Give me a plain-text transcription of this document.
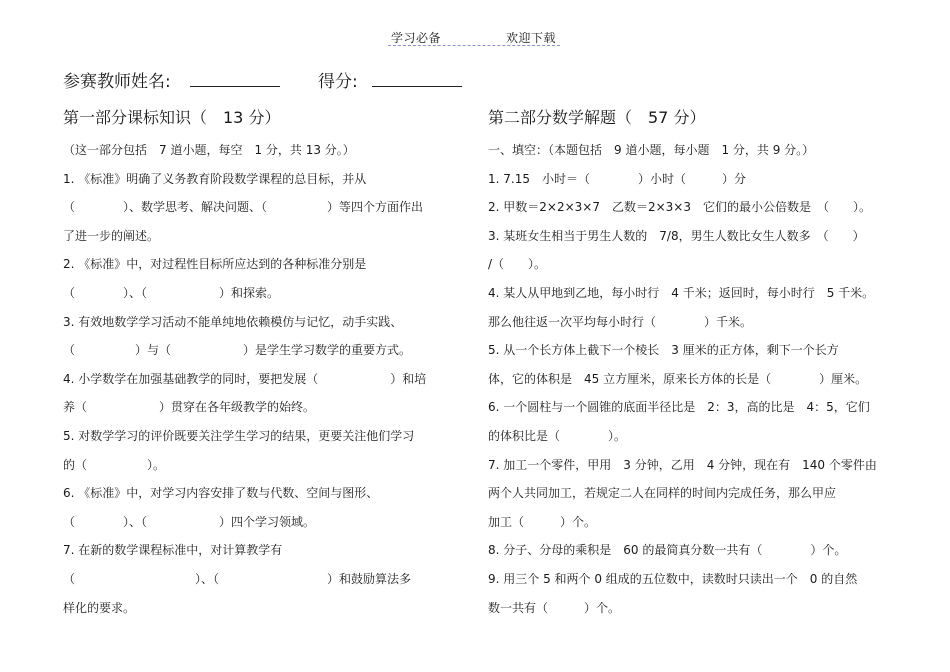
学习必备	欢迎下载
参赛教师姓名:	得分:
第一部分课标知识（　13 分）	第二部分数学解题（　57 分）
（这一部分包括　7 道小题，每空　1 分，共 13 分。）
1. 《标准》明确了义务教育阶段数学课程的总目标，并从
（　　　　）、数学思考、解决问题、（　　　　　）等四个方面作出
了进一步的阐述。
2. 《标准》中，对过程性目标所应达到的各种标准分别是
（　　　　）、（　　　　　　）和探索。
3. 有效地数学学习活动不能单纯地依赖模仿与记忆，动手实践、
（　　　　　）与（　　　　　　）是学生学习数学的重要方式。
4. 小学数学在加强基础教学的同时，要把发展（　　　　　　）和培
养（　　　　　　）贯穿在各年级教学的始终。
5. 对数学学习的评价既要关注学生学习的结果，更要关注他们学习
的（　　　　　）。
6. 《标准》中，对学习内容安排了数与代数、空间与图形、
（　　　　）、（　　　　　　）四个学习领域。
7. 在新的数学课程标准中，对计算教学有
（　　　　　　　　　　）、（　　　　　　　　　）和鼓励算法多
样化的要求。
一、填空：（本题包括　9 道小题，每小题　1 分，共 9 分。）
1. 7.15　小时＝（　　　　）小时（　　　）分
2. 甲数＝2×2×3×7　乙数＝2×3×3　它们的最小公倍数是　（　　）。
3. 某班女生相当于男生人数的　7/8，男生人数比女生人数多　（　　）
/（　　）。
4. 某人从甲地到乙地，每小时行　4 千米；返回时，每小时行　5 千米。
那么他往返一次平均每小时行（　　　　）千米。
5. 从一个长方体上截下一个棱长　3 厘米的正方体，剩下一个长方
体，它的体积是　45 立方厘米，原来长方体的长是（　　　　）厘米。
6. 一个圆柱与一个圆锥的底面半径比是　2：3，高的比是　4：5，它们
的体积比是（　　　　）。
7. 加工一个零件，甲用　3 分钟，乙用　4 分钟，现在有　140 个零件由
两个人共同加工，若规定二人在同样的时间内完成任务，那么甲应
加工（　　　）个。
8. 分子、分母的乘积是　60 的最简真分数一共有（　　　　）个。
9. 用三个 5 和两个 0 组成的五位数中，读数时只读出一个　0 的自然
数一共有（　　　）个。
